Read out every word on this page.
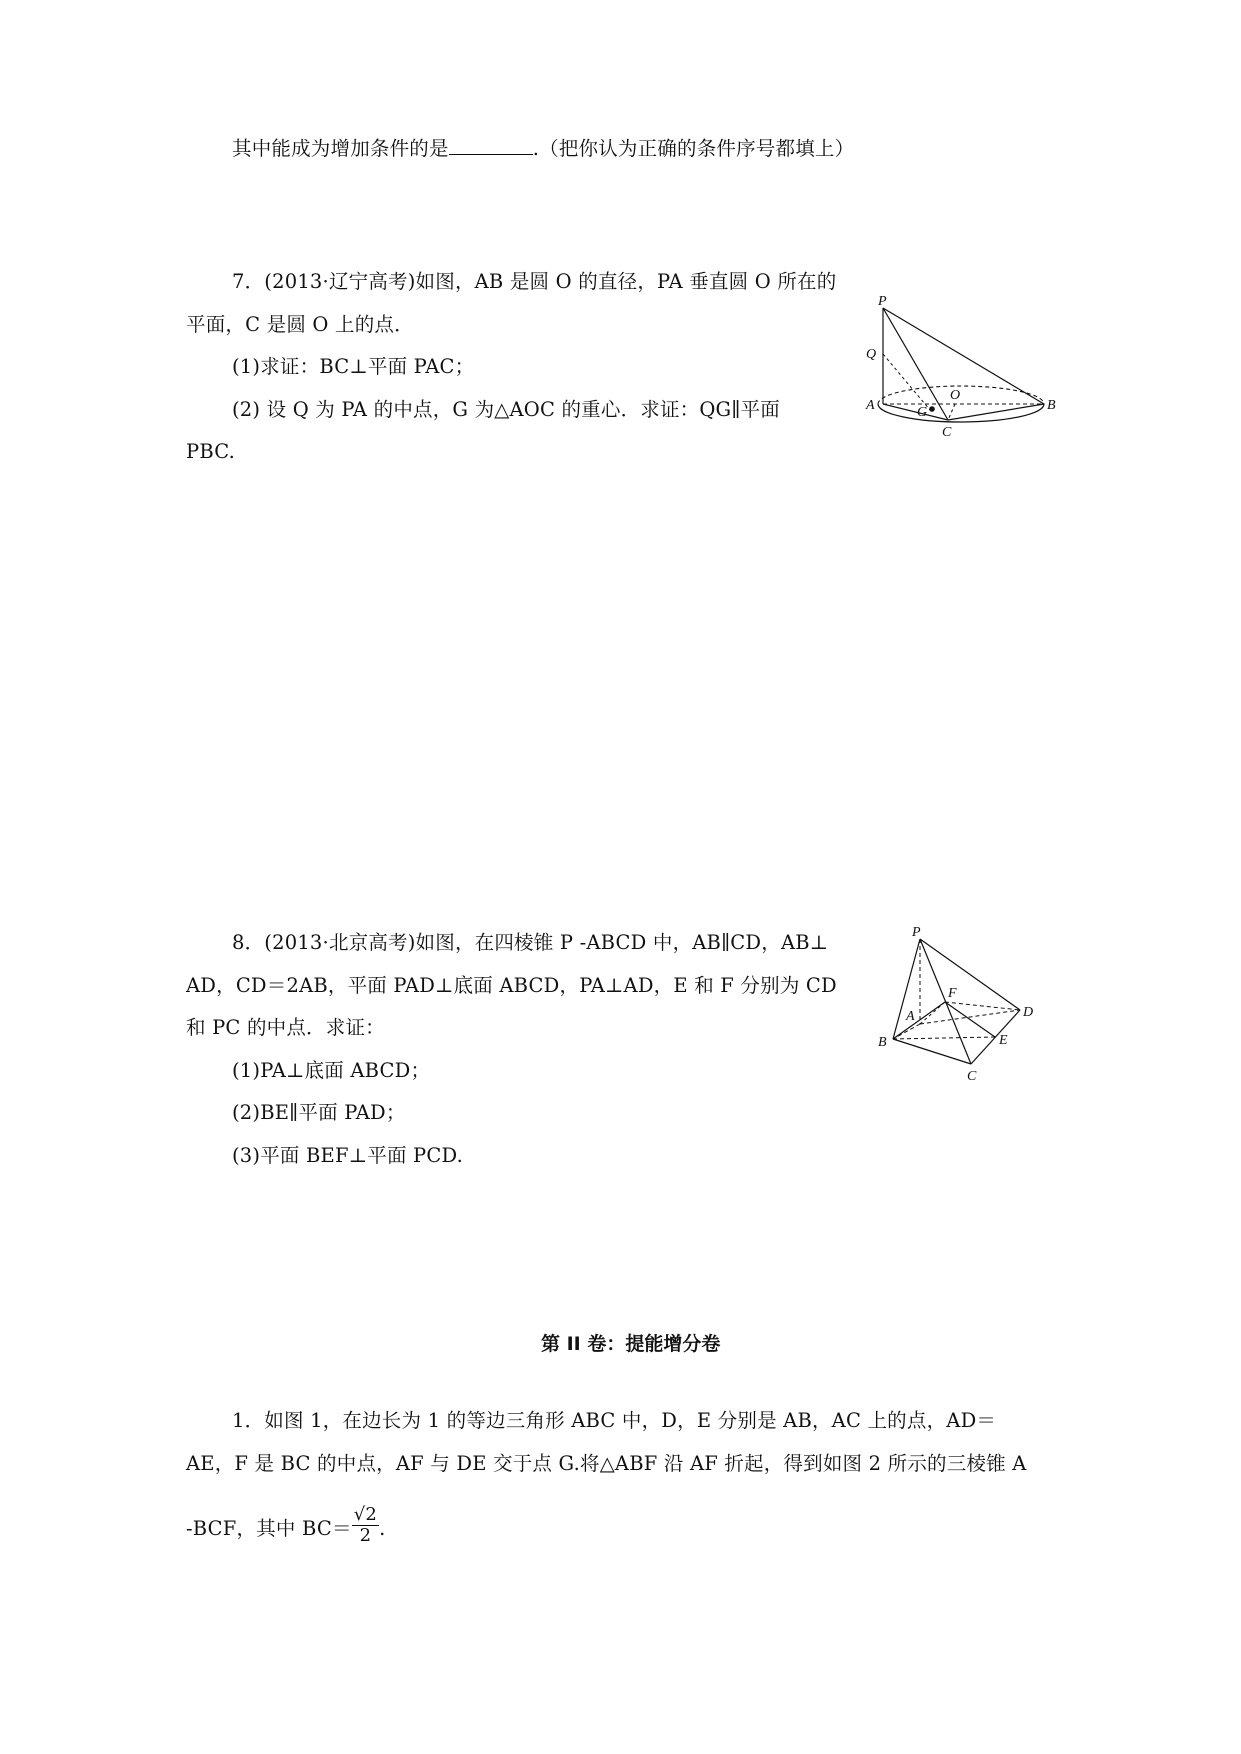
其中能成为增加条件的是	.（把你认为正确的条件序号都填上）
7．(2013·辽宁高考)如图，AB 是圆 O 的直径，PA 垂直圆 O 所在的
平面，C 是圆 O 上的点．
(1)求证：BC⊥平面 PAC；
(2) 设 Q 为 PA 的中点，G 为△AOC 的重心．求证：QG∥平面
PBC.
P
Q
O
A	G	B
C
8．(2013·北京高考)如图，在四棱锥 P -ABCD 中，AB∥CD，AB⊥
AD，CD＝2AB，平面 PAD⊥底面 ABCD，PA⊥AD，E 和 F 分别为 CD
和 PC 的中点．求证：
(1)PA⊥底面 ABCD；
(2)BE∥平面 PAD；
(3)平面 BEF⊥平面 PCD.
P
F
A	D
B	E
C
第 II 卷：提能增分卷
1．如图 1，在边长为 1 的等边三角形 ABC 中，D，E 分别是 AB，AC 上的点，AD＝
AE，F 是 BC 的中点，AF 与 DE 交于点 G.将△ABF 沿 AF 折起，得到如图 2 所示的三棱锥 A
-BCF，其中 $BC= \frac{√2}{2}$ .
